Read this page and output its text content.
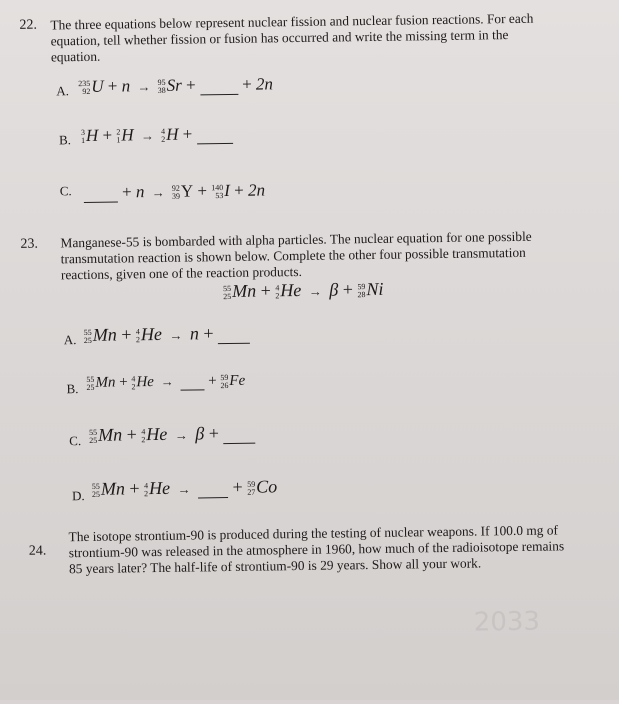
2033
22. The three equations below represent nuclear fission and nuclear fusion reactions. For each
equation, tell whether fission or fusion has occurred and write the missing term in the
equation.
A. 235
92 U + n → 95
38 Sr +	+ 2n
B. 3
1 H + 2
1 H → 4
2 H +
C.	+ n → 92
39 Y + 140
53 I + 2n
23. Manganese-55 is bombarded with alpha particles. The nuclear equation for one possible
transmutation reaction is shown below. Complete the other four possible transmutation
reactions, given one of the reaction products.
55
25 Mn + 4
2 He → β + 59
28 Ni
A. 55
25 Mn + 4
2 He → n +
B.
55
25 Mn + 4
2 He → + 59
26 Fe
C.
55
25 Mn + 4
2 He → β +
D.
55
25 Mn + 4
2 He → + 59
27 Co
24.
The isotope strontium-90 is produced during the testing of nuclear weapons. If 100.0 mg of
strontium-90 was released in the atmosphere in 1960, how much of the radioisotope remains
85 years later? The half-life of strontium-90 is 29 years. Show all your work.
